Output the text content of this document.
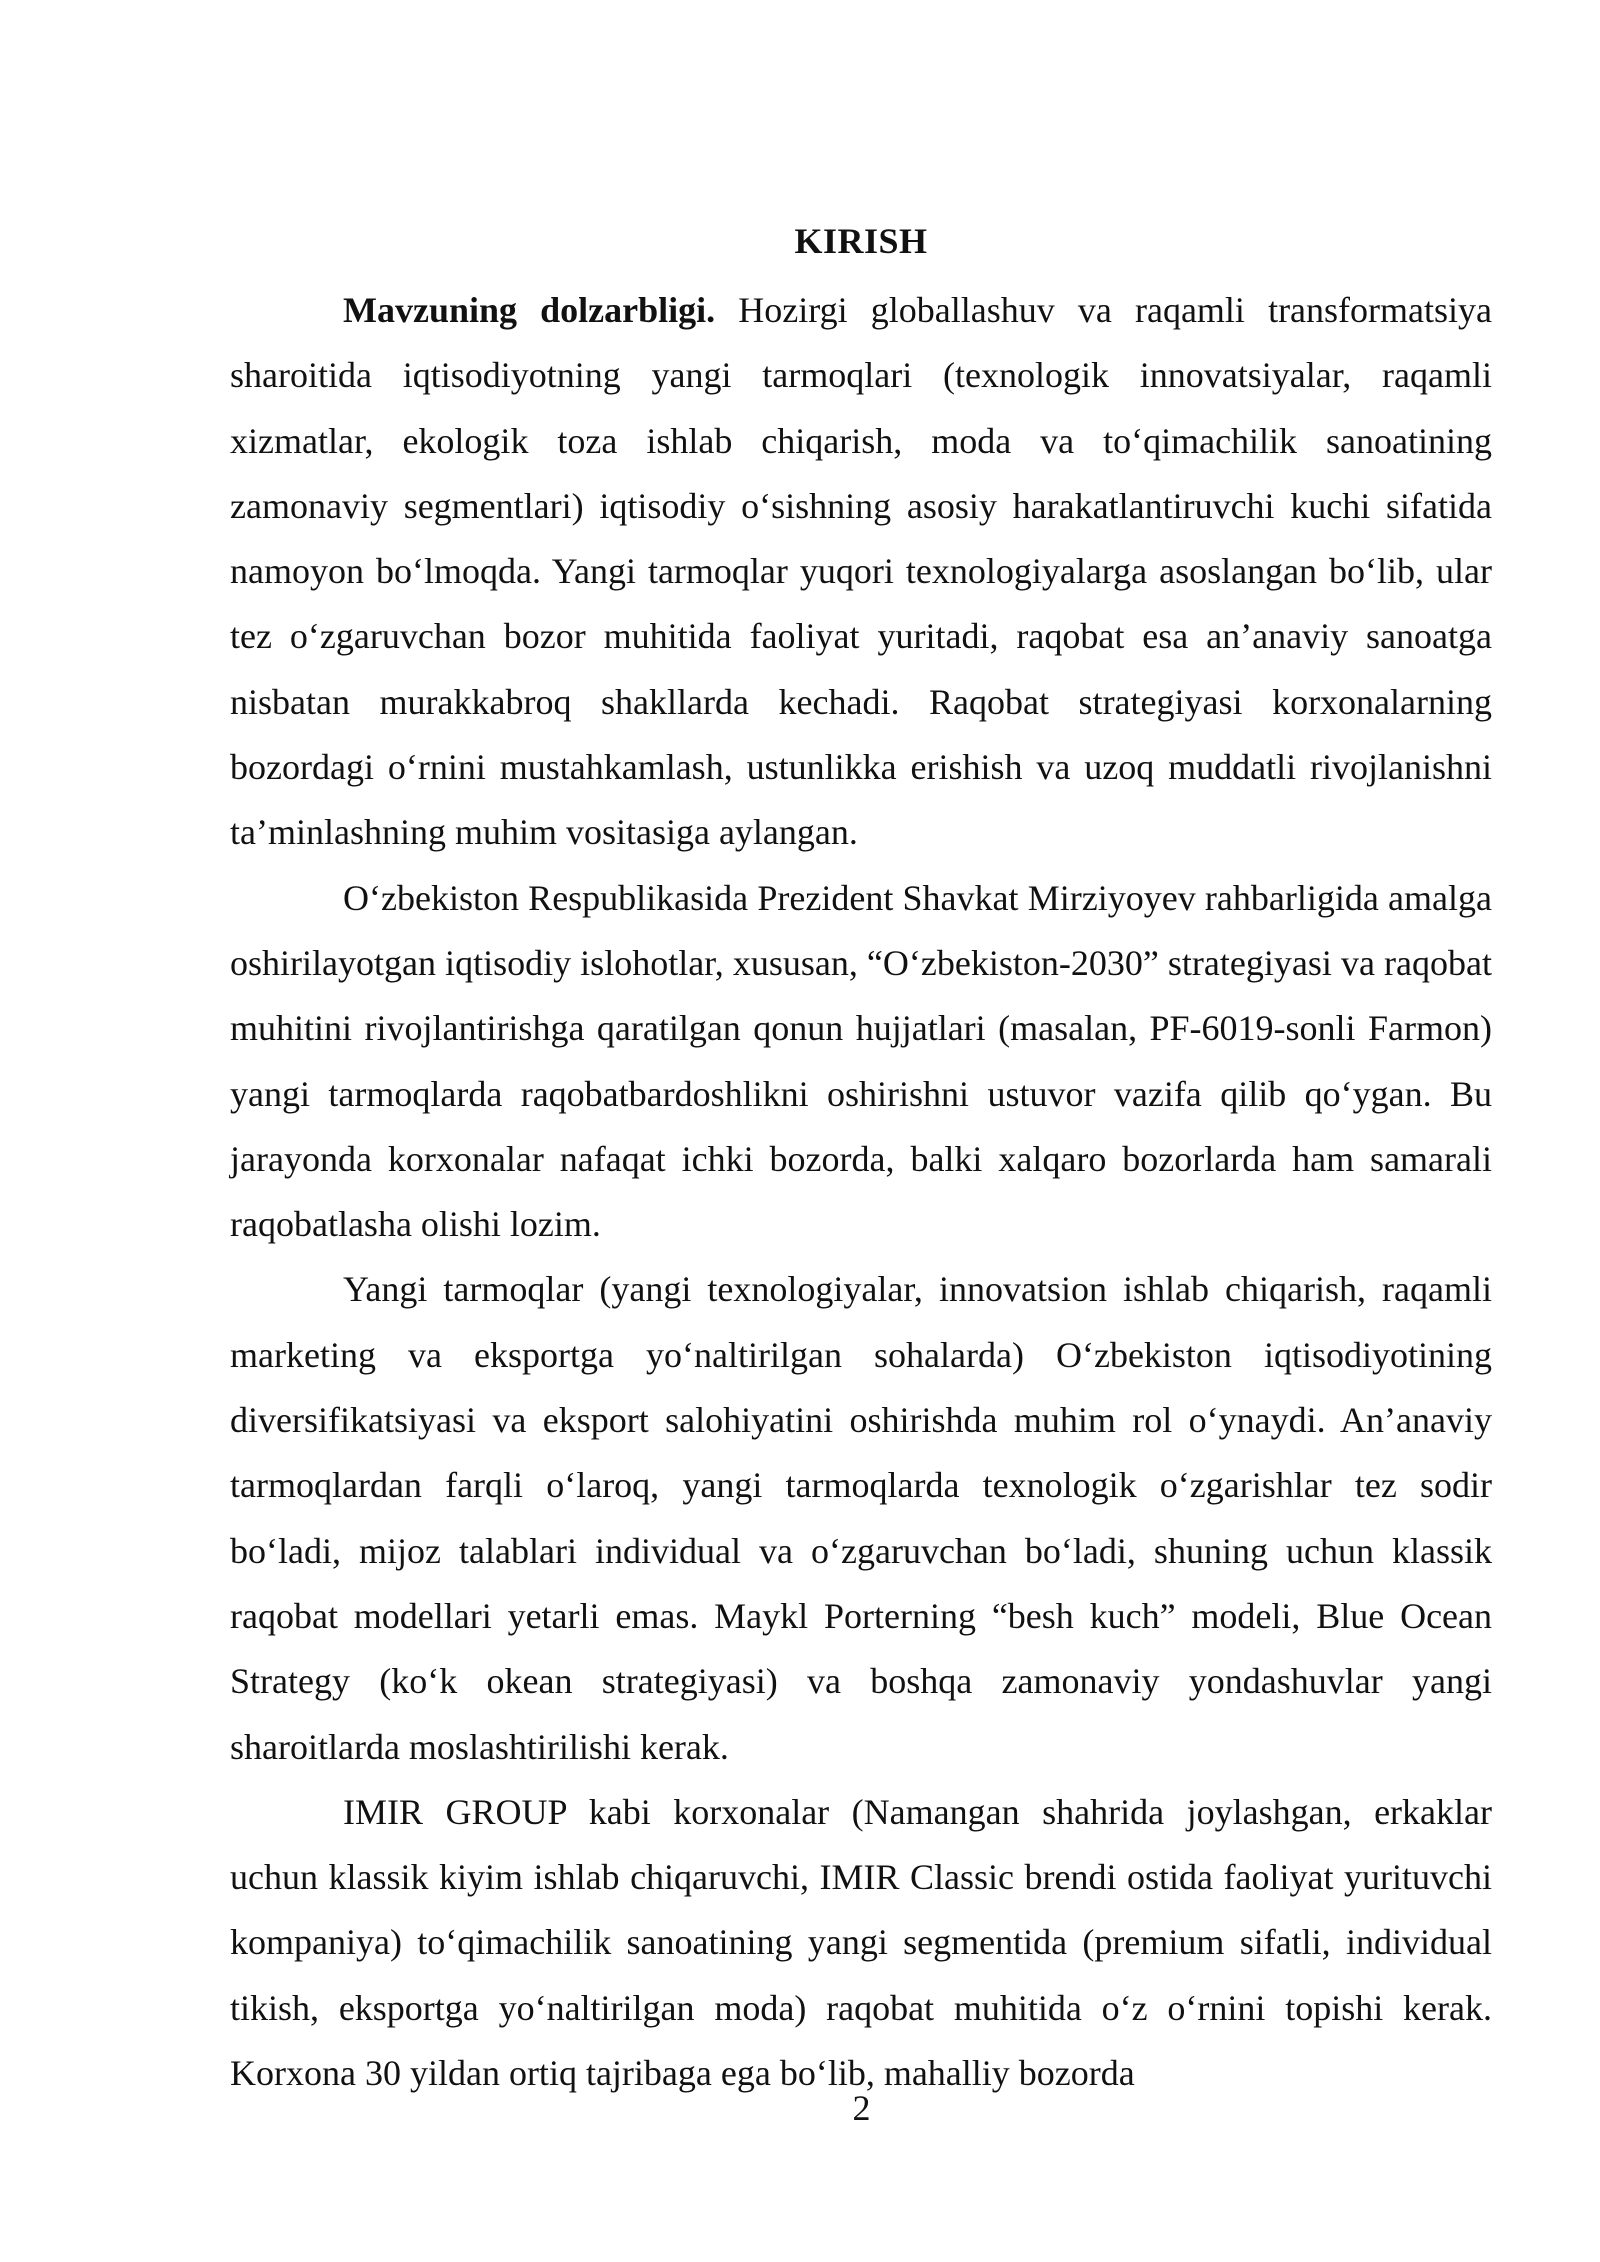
KIRISH

Mavzuning dolzarbligi. Hozirgi globallashuv va raqamli transformatsiya sharoitida iqtisodiyotning yangi tarmoqlari (texnologik innovatsiyalar, raqamli xizmatlar, ekologik toza ishlab chiqarish, moda va to‘qimachilik sanoatining zamonaviy segmentlari) iqtisodiy o‘sishning asosiy harakatlantiruvchi kuchi sifatida namoyon bo‘lmoqda. Yangi tarmoqlar yuqori texnologiyalarga asoslangan bo‘lib, ular tez o‘zgaruvchan bozor muhitida faoliyat yuritadi, raqobat esa an’anaviy sanoatga nisbatan murakkabroq shakllarda kechadi. Raqobat strategiyasi korxonalarning bozordagi o‘rnini mustahkamlash, ustunlikka erishish va uzoq muddatli rivojlanishni ta’minlashning muhim vositasiga aylangan.

O‘zbekiston Respublikasida Prezident Shavkat Mirziyoyev rahbarligida amalga oshirilayotgan iqtisodiy islohotlar, xususan, “O‘zbekiston-2030” strategiyasi va raqobat muhitini rivojlantirishga qaratilgan qonun hujjatlari (masalan, PF-6019-sonli Farmon) yangi tarmoqlarda raqobatbardoshlikni oshirishni ustuvor vazifa qilib qo‘ygan. Bu jarayonda korxonalar nafaqat ichki bozorda, balki xalqaro bozorlarda ham samarali raqobatlasha olishi lozim.

Yangi tarmoqlar (yangi texnologiyalar, innovatsion ishlab chiqarish, raqamli marketing va eksportga yo‘naltirilgan sohalarda) O‘zbekiston iqtisodiyotining diversifikatsiyasi va eksport salohiyatini oshirishda muhim rol o‘ynaydi. An’anaviy tarmoqlardan farqli o‘laroq, yangi tarmoqlarda texnologik o‘zgarishlar tez sodir bo‘ladi, mijoz talablari individual va o‘zgaruvchan bo‘ladi, shuning uchun klassik raqobat modellari yetarli emas. Maykl Porterning “besh kuch” modeli, Blue Ocean Strategy (ko‘k okean strategiyasi) va boshqa zamonaviy yondashuvlar yangi sharoitlarda moslashtirilishi kerak.

IMIR GROUP kabi korxonalar (Namangan shahrida joylashgan, erkaklar uchun klassik kiyim ishlab chiqaruvchi, IMIR Classic brendi ostida faoliyat yurituvchi kompaniya) to‘qimachilik sanoatining yangi segmentida (premium sifatli, individual tikish, eksportga yo‘naltirilgan moda) raqobat muhitida o‘z o‘rnini topishi kerak. Korxona 30 yildan ortiq tajribaga ega bo‘lib, mahalliy bozorda

2
